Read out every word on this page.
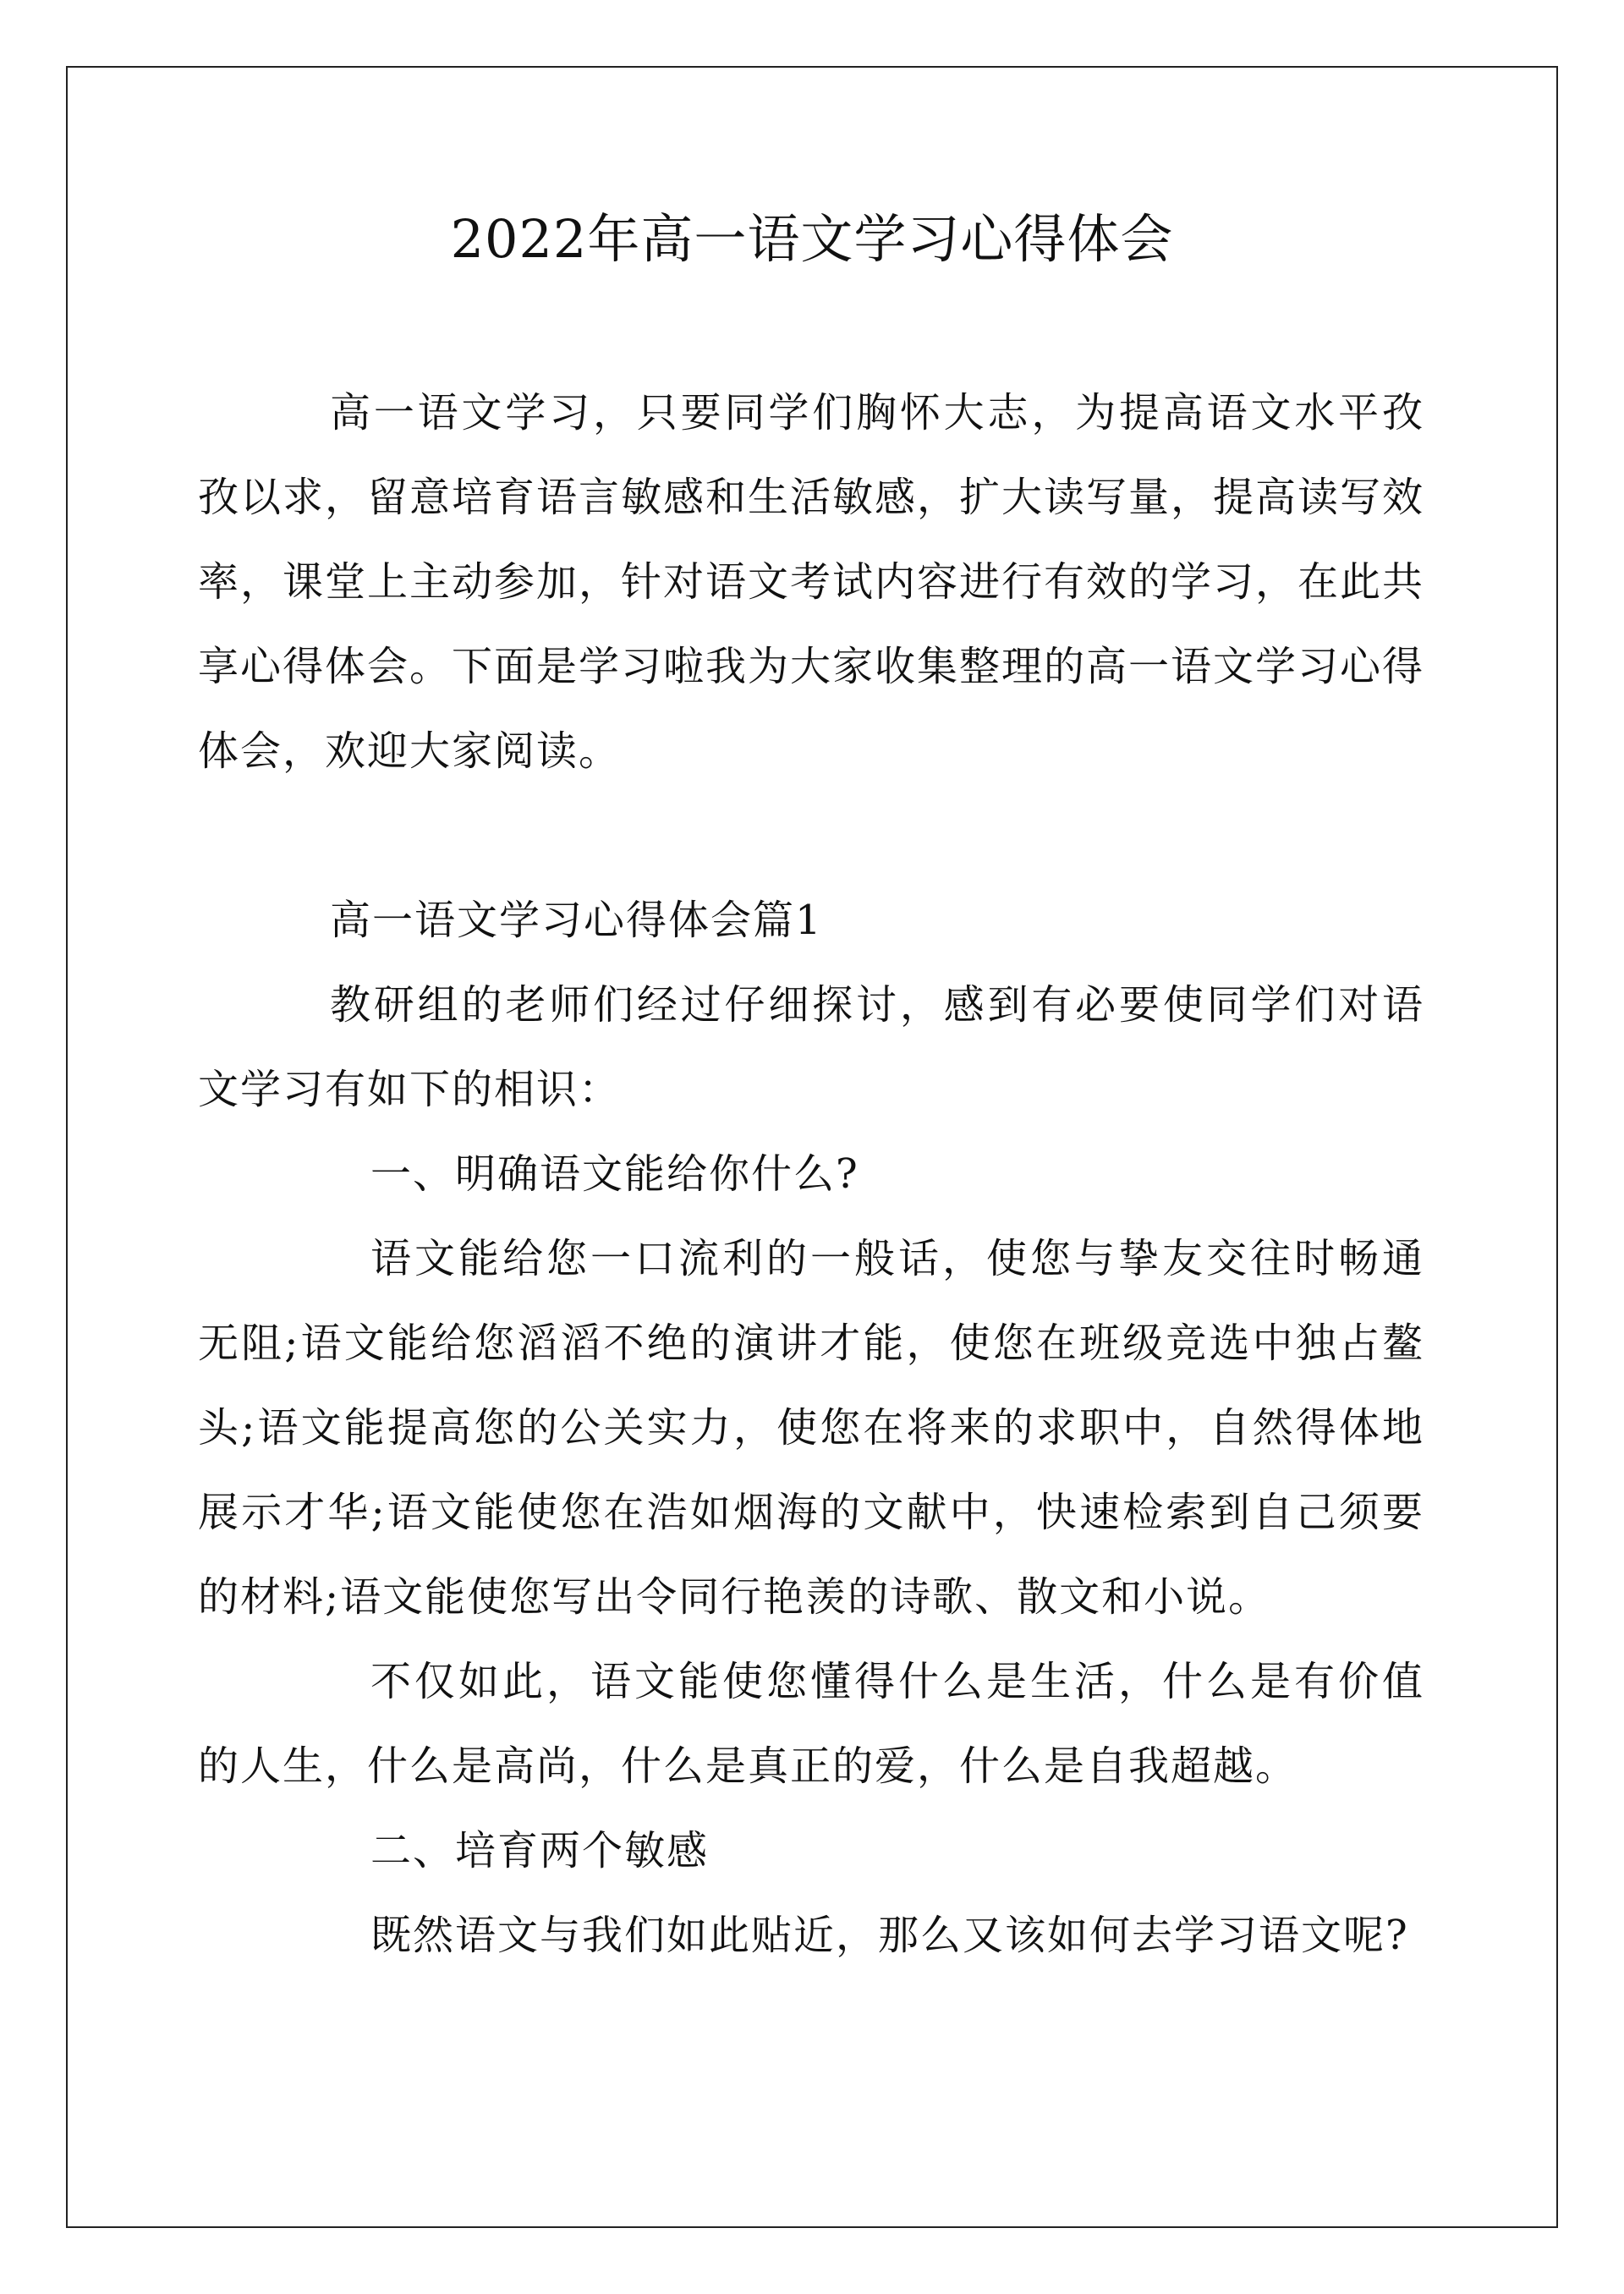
2022年高一语文学习心得体会

高一语文学习，只要同学们胸怀大志，为提高语文水平孜孜以求，留意培育语言敏感和生活敏感，扩大读写量，提高读写效率，课堂上主动参加，针对语文考试内容进行有效的学习，在此共享心得体会。下面是学习啦我为大家收集整理的高一语文学习心得体会，欢迎大家阅读。

高一语文学习心得体会篇1

教研组的老师们经过仔细探讨，感到有必要使同学们对语文学习有如下的相识：

一、明确语文能给你什么?

语文能给您一口流利的一般话，使您与挚友交往时畅通无阻;语文能给您滔滔不绝的演讲才能，使您在班级竞选中独占鳌头;语文能提高您的公关实力，使您在将来的求职中，自然得体地展示才华;语文能使您在浩如烟海的文献中，快速检索到自己须要的材料;语文能使您写出令同行艳羡的诗歌、散文和小说。

不仅如此，语文能使您懂得什么是生活，什么是有价值的人生，什么是高尚，什么是真正的爱，什么是自我超越。

二、培育两个敏感

既然语文与我们如此贴近，那么又该如何去学习语文呢?
